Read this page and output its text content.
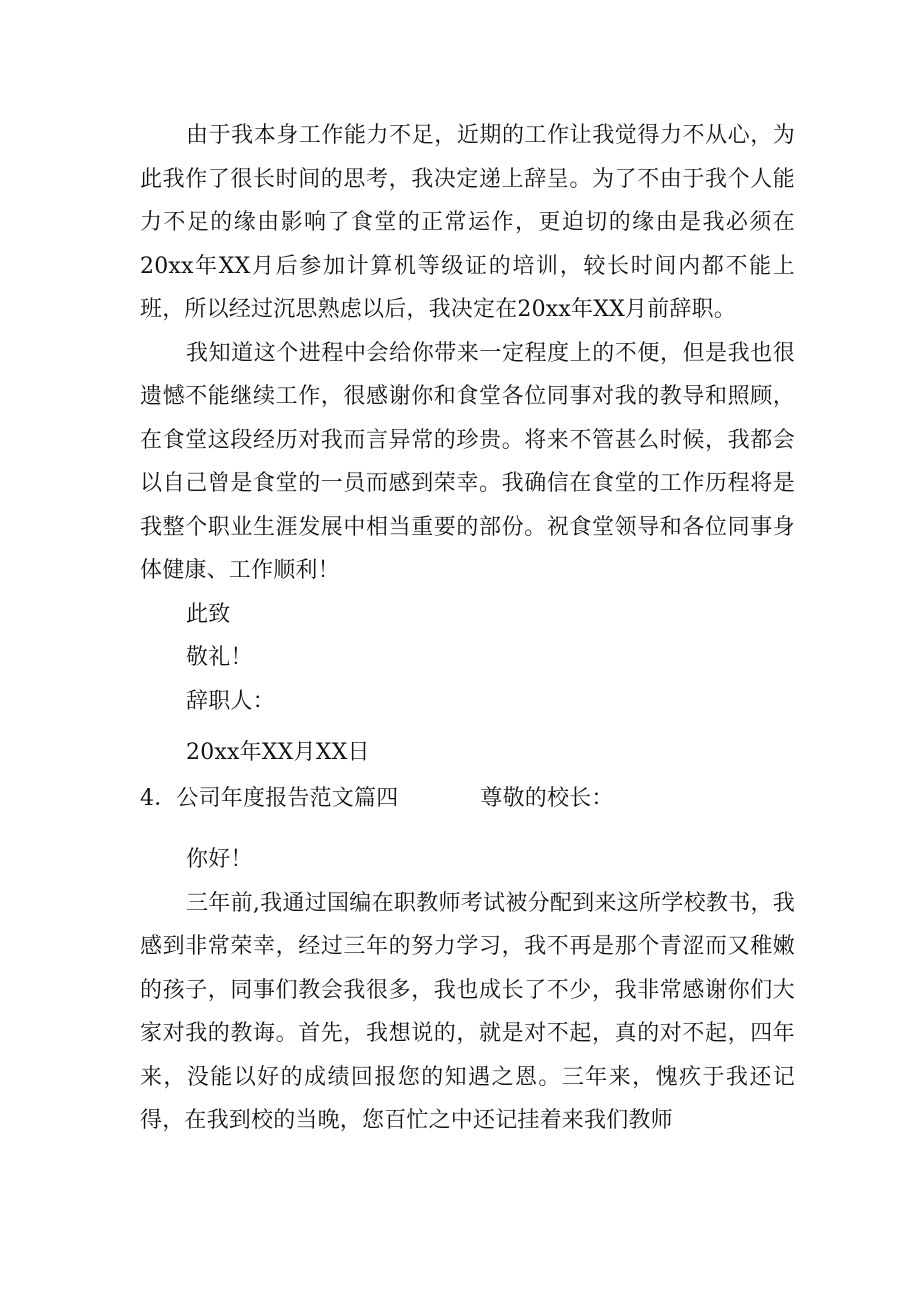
由于我本身工作能力不足，近期的工作让我觉得力不从心，为此我作了很长时间的思考，我决定递上辞呈。为了不由于我个人能力不足的缘由影响了食堂的正常运作，更迫切的缘由是我必须在20xx年XX月后参加计算机等级证的培训，较长时间内都不能上班，所以经过沉思熟虑以后，我决定在20xx年XX月前辞职。

我知道这个进程中会给你带来一定程度上的不便，但是我也很遗憾不能继续工作，很感谢你和食堂各位同事对我的教导和照顾，在食堂这段经历对我而言异常的珍贵。将来不管甚么时候，我都会以自己曾是食堂的一员而感到荣幸。我确信在食堂的工作历程将是我整个职业生涯发展中相当重要的部份。祝食堂领导和各位同事身体健康、工作顺利！

此致

敬礼！

辞职人：

20xx年XX月XX日

4．公司年度报告范文篇四	尊敬的校长：

你好！

三年前,我通过国编在职教师考试被分配到来这所学校教书，我感到非常荣幸，经过三年的努力学习，我不再是那个青涩而又稚嫩的孩子，同事们教会我很多，我也成长了不少，我非常感谢你们大家对我的教诲。首先，我想说的，就是对不起，真的对不起，四年来，没能以好的成绩回报您的知遇之恩。三年来，愧疚于我还记得，在我到校的当晚，您百忙之中还记挂着来我们教师
